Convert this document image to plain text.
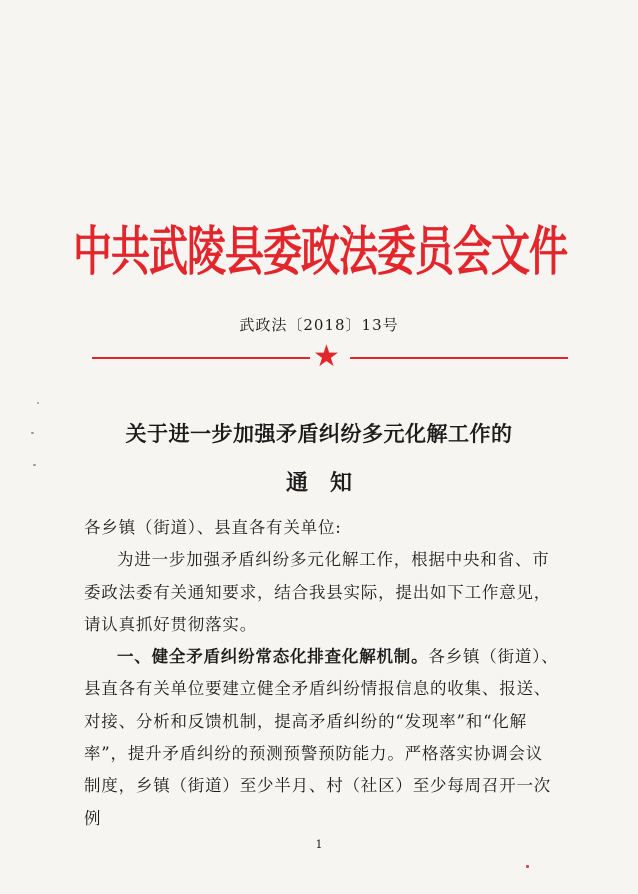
中共武陵县委政法委员会文件
武政法〔2018〕13号
★
关于进一步加强矛盾纠纷多元化解工作的
通　知

各乡镇（街道）、县直各有关单位:

为进一步加强矛盾纠纷多元化解工作，根据中央和省、市委政法委有关通知要求，结合我县实际，提出如下工作意见，请认真抓好贯彻落实。

一、健全矛盾纠纷常态化排查化解机制。各乡镇（街道）、县直各有关单位要建立健全矛盾纠纷情报信息的收集、报送、对接、分析和反馈机制，提高矛盾纠纷的“发现率”和“化解率”，提升矛盾纠纷的预测预警预防能力。严格落实协调会议制度，乡镇（街道）至少半月、村（社区）至少每周召开一次例

1
